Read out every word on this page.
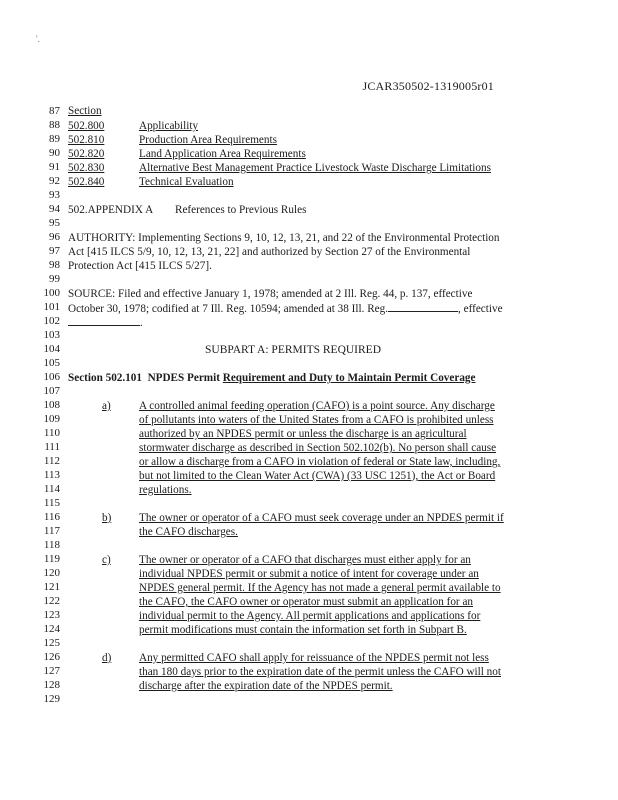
'.
JCAR350502-1319005r01
87
88
89
90
91
92
93
94
95
96
97
98
99
100
101
102
103
104
105
106
107
108
109
110
111
112
113
114
115
116
117
118
119
120
121
122
123
124
125
126
127
128
129
Section
502.800	Applicability
502.810	Production Area Requirements
502.820	Land Application Area Requirements
502.830	Alternative Best Management Practice Livestock Waste Discharge Limitations
502.840	Technical Evaluation
502.APPENDIX A References to Previous Rules
AUTHORITY: Implementing Sections 9, 10, 12, 13, 21, and 22 of the Environmental Protection
Act [415 ILCS 5/9, 10, 12, 13, 21, 22] and authorized by Section 27 of the Environmental
Protection Act [415 ILCS 5/27].
SOURCE: Filed and effective January 1, 1978; amended at 2 Ill. Reg. 44, p. 137, effective
October 30, 1978; codified at 7 Ill. Reg. 10594; amended at 38 Ill. Reg.	, effective
.
SUBPART A: PERMITS REQUIRED
Section 502.101 NPDES Permit Requirement and Duty to Maintain Permit Coverage
a)	A controlled animal feeding operation (CAFO) is a point source. Any discharge
of pollutants into waters of the United States from a CAFO is prohibited unless
authorized by an NPDES permit or unless the discharge is an agricultural
stormwater discharge as described in Section 502.102(b). No person shall cause
or allow a discharge from a CAFO in violation of federal or State law, including,
but not limited to the Clean Water Act (CWA) (33 USC 1251), the Act or Board
regulations.
b) The owner or operator of a CAFO must seek coverage under an NPDES permit if
the CAFO discharges.
c)	The owner or operator of a CAFO that discharges must either apply for an
individual NPDES permit or submit a notice of intent for coverage under an
NPDES general permit. If the Agency has not made a general permit available to
the CAFO, the CAFO owner or operator must submit an application for an
individual permit to the Agency. All permit applications and applications for
permit modifications must contain the information set forth in Subpart B.
d) Any permitted CAFO shall apply for reissuance of the NPDES permit not less
than 180 days prior to the expiration date of the permit unless the CAFO will not
discharge after the expiration date of the NPDES permit.
